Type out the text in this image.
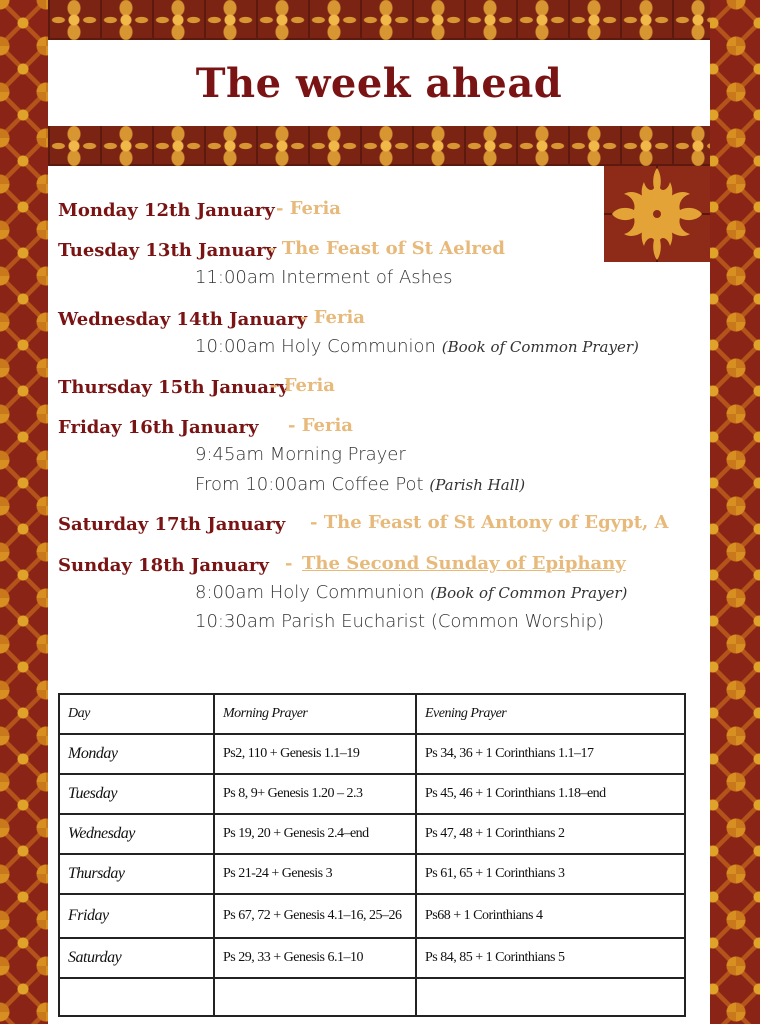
The week ahead
Monday 12th January - Feria
Tuesday 13th January
- The Feast of St Aelred
11:00am Interment of Ashes
Wednesday 14th January
- Feria
10:00am Holy Communion (Book of Common Prayer)
Thursday 15th January
- Feria
Friday 16th January - Feria
9:45am Morning Prayer
From 10:00am Coffee Pot (Parish Hall)
Saturday 17th January - The Feast of St Antony of Egypt, A
Sunday 18th January - The Second Sunday of Epiphany
8:00am Holy Communion (Book of Common Prayer)
10:30am Parish Eucharist (Common Worship)
Day	Morning Prayer	Evening Prayer
Monday	Ps2, 110 + Genesis 1.1–19	Ps 34, 36 + 1 Corinthians 1.1–17
Tuesday	Ps 8, 9+ Genesis 1.20 – 2.3	Ps 45, 46 + 1 Corinthians 1.18–end
Wednesday	Ps 19, 20 + Genesis 2.4–end	Ps 47, 48 + 1 Corinthians 2
Thursday	Ps 21-24 + Genesis 3	Ps 61, 65 + 1 Corinthians 3
Friday	Ps 67, 72 + Genesis 4.1–16, 25–26	Ps68 + 1 Corinthians 4
Saturday	Ps 29, 33 + Genesis 6.1–10	Ps 84, 85 + 1 Corinthians 5
